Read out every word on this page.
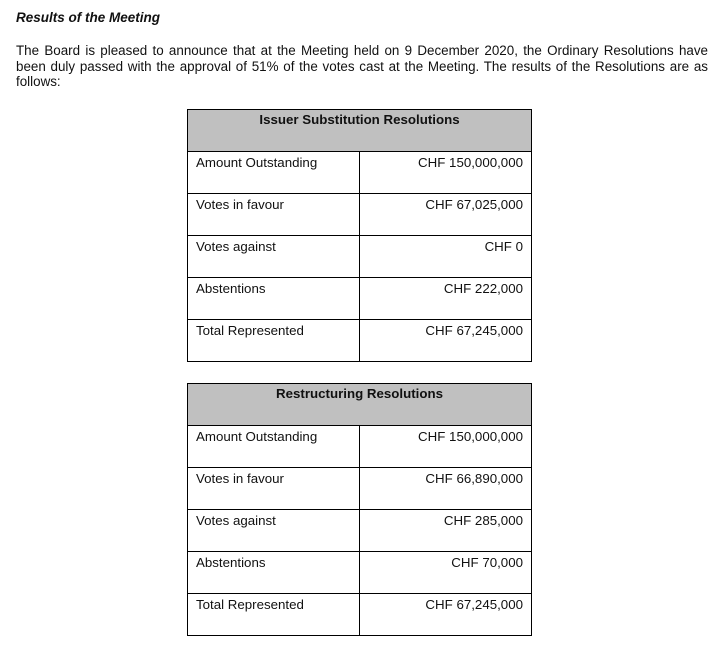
Results of the Meeting

The Board is pleased to announce that at the Meeting held on 9 December 2020, the Ordinary Resolutions have been duly passed with the approval of 51% of the votes cast at the Meeting. The results of the Resolutions are as follows:

Issuer Substitution Resolutions	
Amount Outstanding	CHF 150,000,000
Votes in favour	CHF 67,025,000
Votes against	CHF 0
Abstentions	CHF 222,000
Total Represented	CHF 67,245,000
Restructuring Resolutions	
Amount Outstanding	CHF 150,000,000
Votes in favour	CHF 66,890,000
Votes against	CHF 285,000
Abstentions	CHF 70,000
Total Represented	CHF 67,245,000
